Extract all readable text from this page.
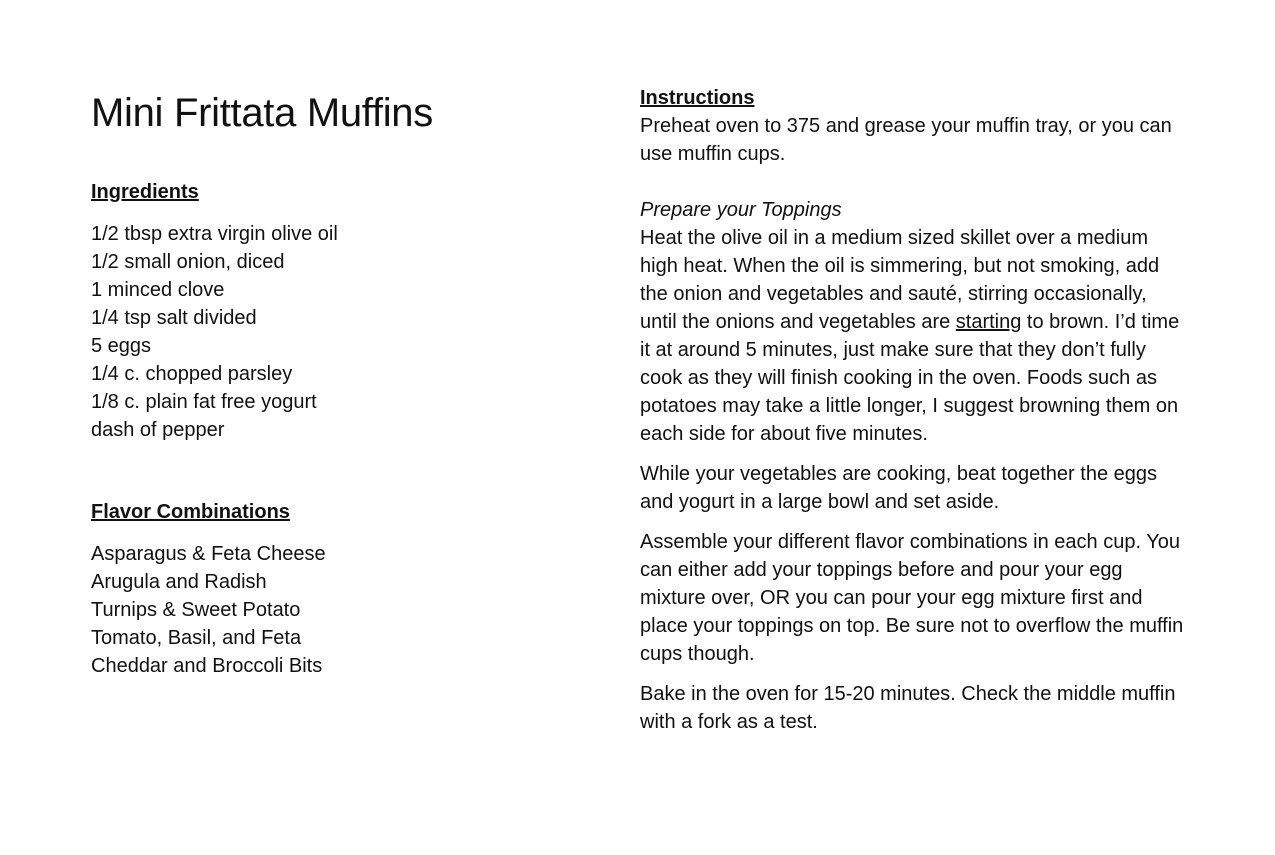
Mini Frittata Muffins
Ingredients
1/2 tbsp extra virgin olive oil
1/2 small onion, diced
1 minced clove
1/4 tsp salt divided
5 eggs
1/4 c. chopped parsley
1/8 c. plain fat free yogurt
dash of pepper
Flavor Combinations
Asparagus & Feta Cheese
Arugula and Radish
Turnips & Sweet Potato
Tomato, Basil, and Feta
Cheddar and Broccoli Bits
Instructions

Preheat oven to 375 and grease your muffin tray, or you can use muffin cups.

Prepare your Toppings

Heat the olive oil in a medium sized skillet over a medium high heat. When the oil is simmering, but not smoking, add the onion and vegetables and sauté, stirring occasionally, until the onions and vegetables are starting to brown. I’d time it at around 5 minutes, just make sure that they don’t fully cook as they will finish cooking in the oven. Foods such as potatoes may take a little longer, I suggest browning them on each side for about five minutes.

While your vegetables are cooking, beat together the eggs and yogurt in a large bowl and set aside.

Assemble your different flavor combinations in each cup. You can either add your toppings before and pour your egg mixture over, OR you can pour your egg mixture first and place your toppings on top. Be sure not to overflow the muffin cups though.

Bake in the oven for 15-20 minutes. Check the middle muffin with a fork as a test.
